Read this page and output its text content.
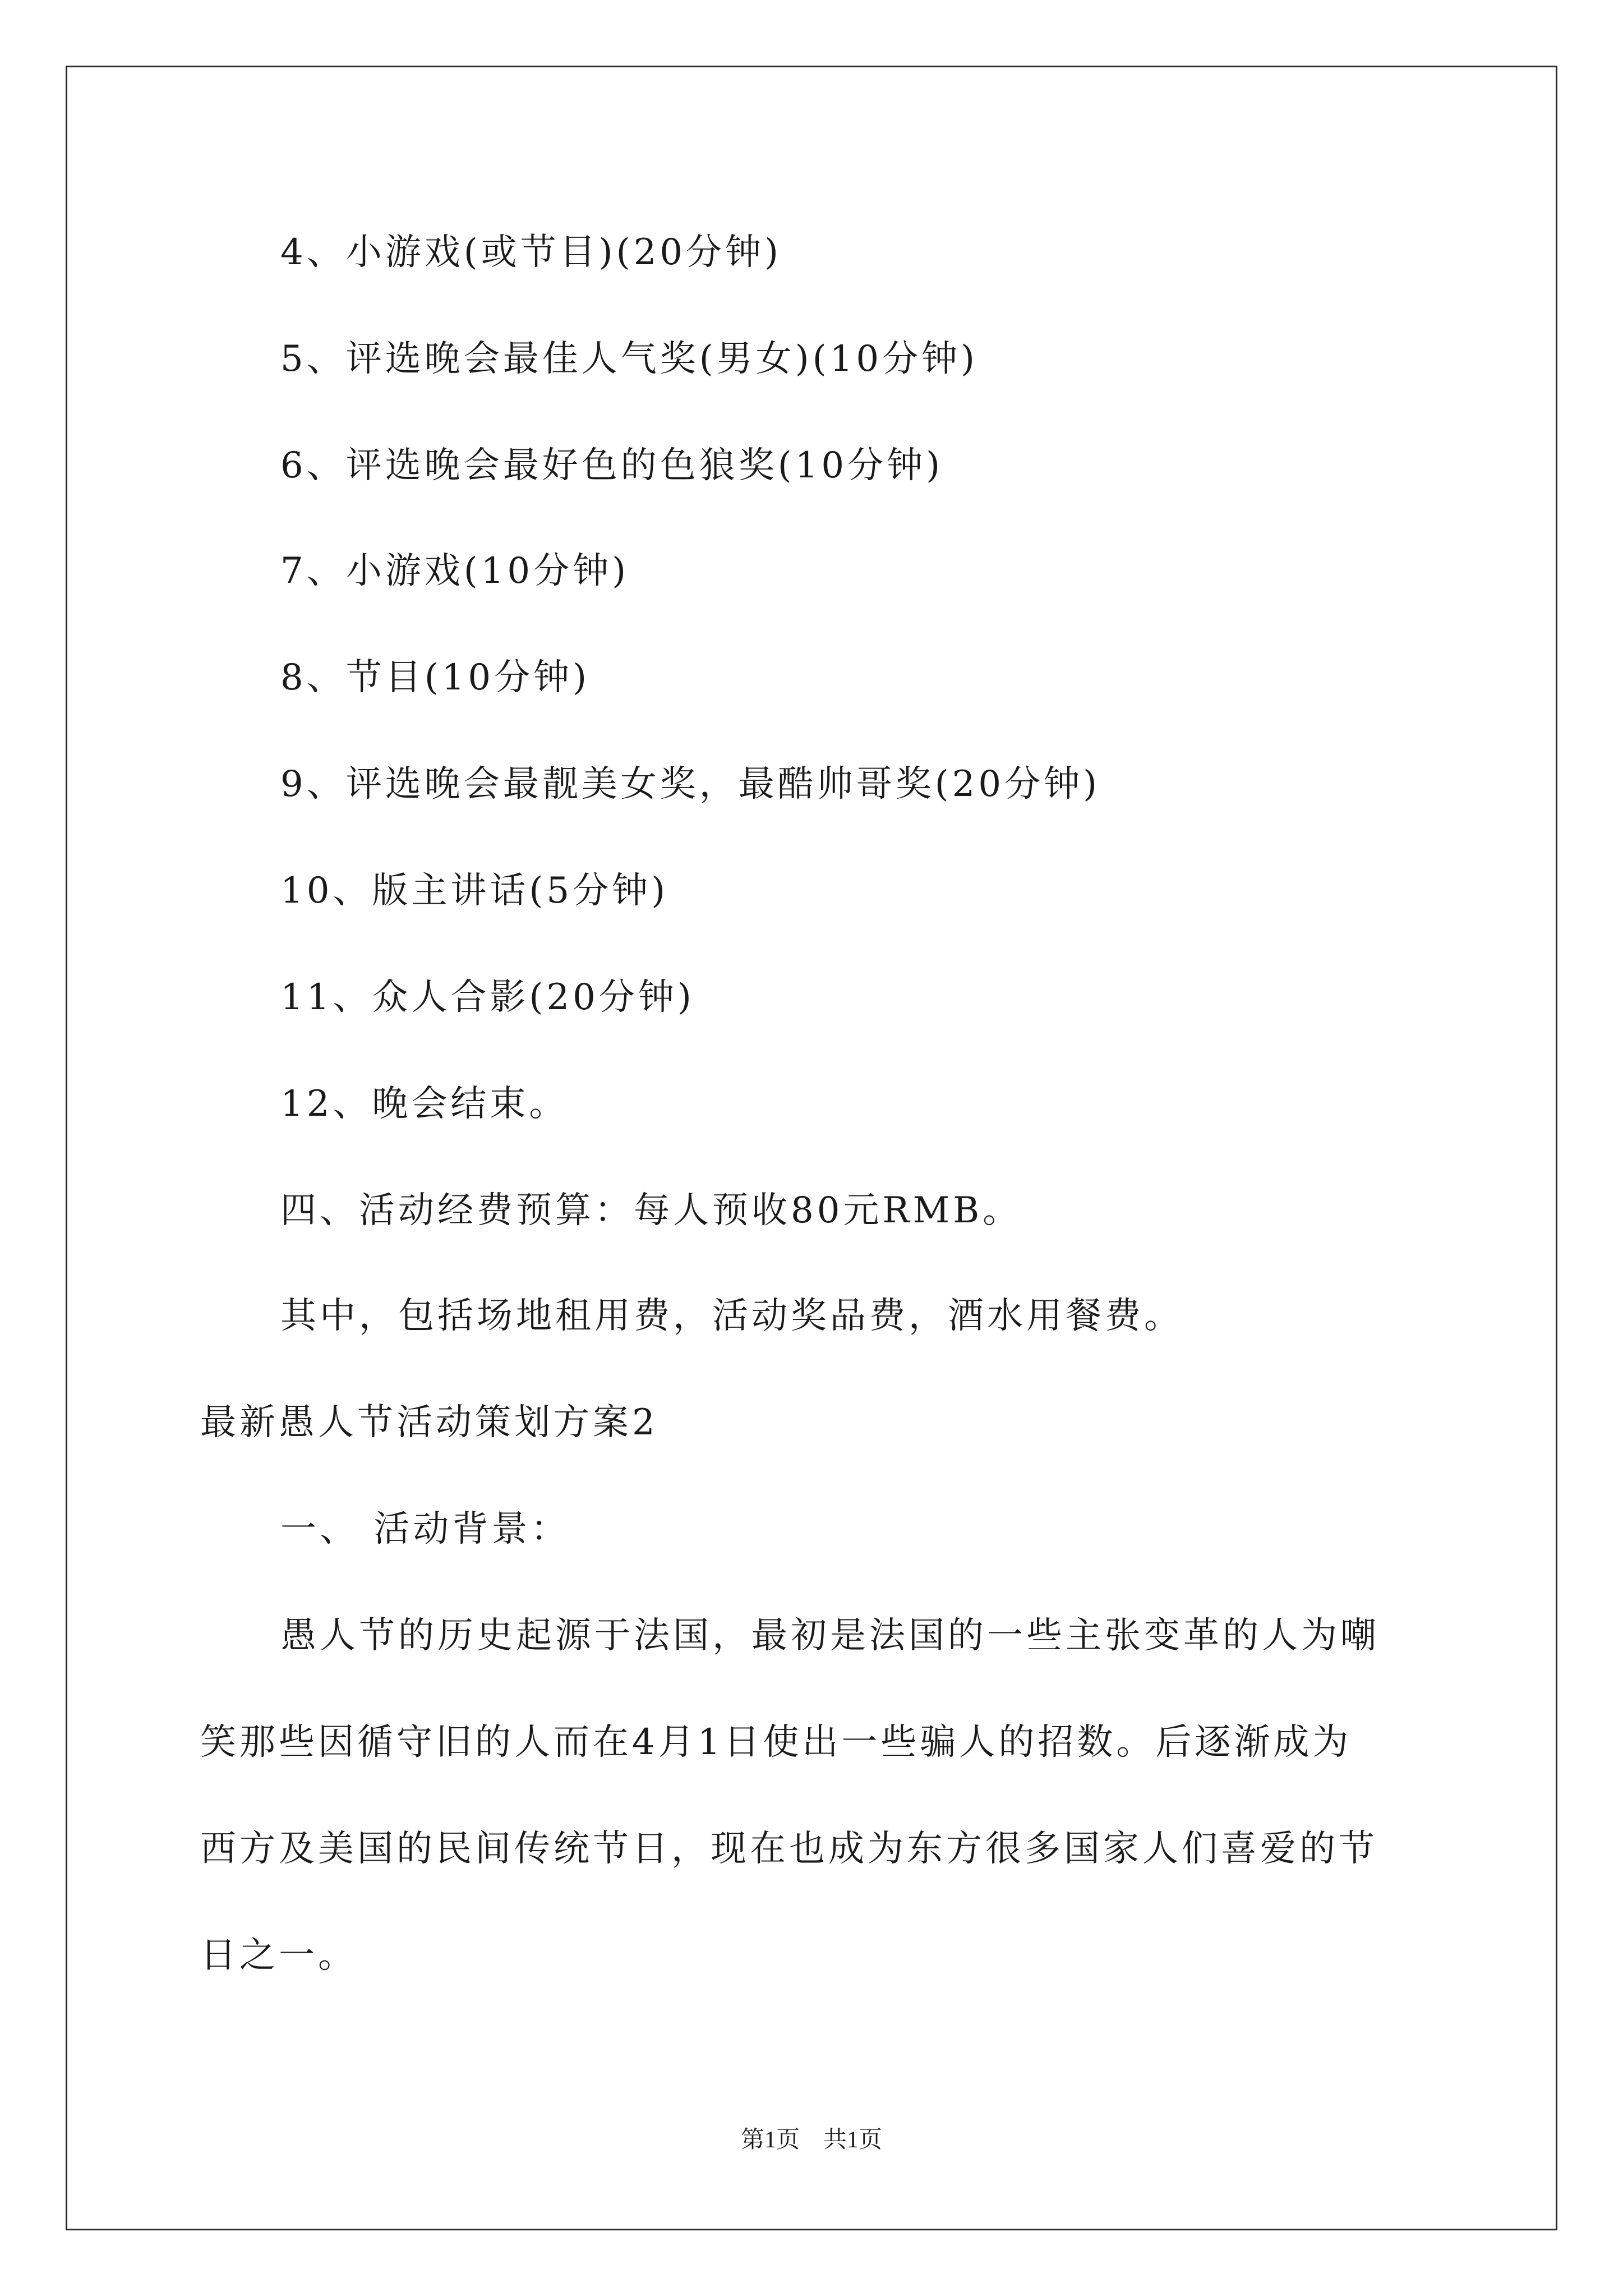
4、小游戏(或节目)(20分钟)
5、评选晚会最佳人气奖(男女)(10分钟)
6、评选晚会最好色的色狼奖(10分钟)
7、小游戏(10分钟)
8、节目(10分钟)
9、评选晚会最靓美女奖，最酷帅哥奖(20分钟)
10、版主讲话(5分钟)
11、众人合影(20分钟)
12、晚会结束。
四、活动经费预算：每人预收80元RMB。
其中，包括场地租用费，活动奖品费，酒水用餐费。
最新愚人节活动策划方案2
一、 活动背景：
愚人节的历史起源于法国，最初是法国的一些主张变革的人为嘲
笑那些因循守旧的人而在4月1日使出一些骗人的招数。后逐渐成为
西方及美国的民间传统节日，现在也成为东方很多国家人们喜爱的节
日之一。
第1页　共1页
